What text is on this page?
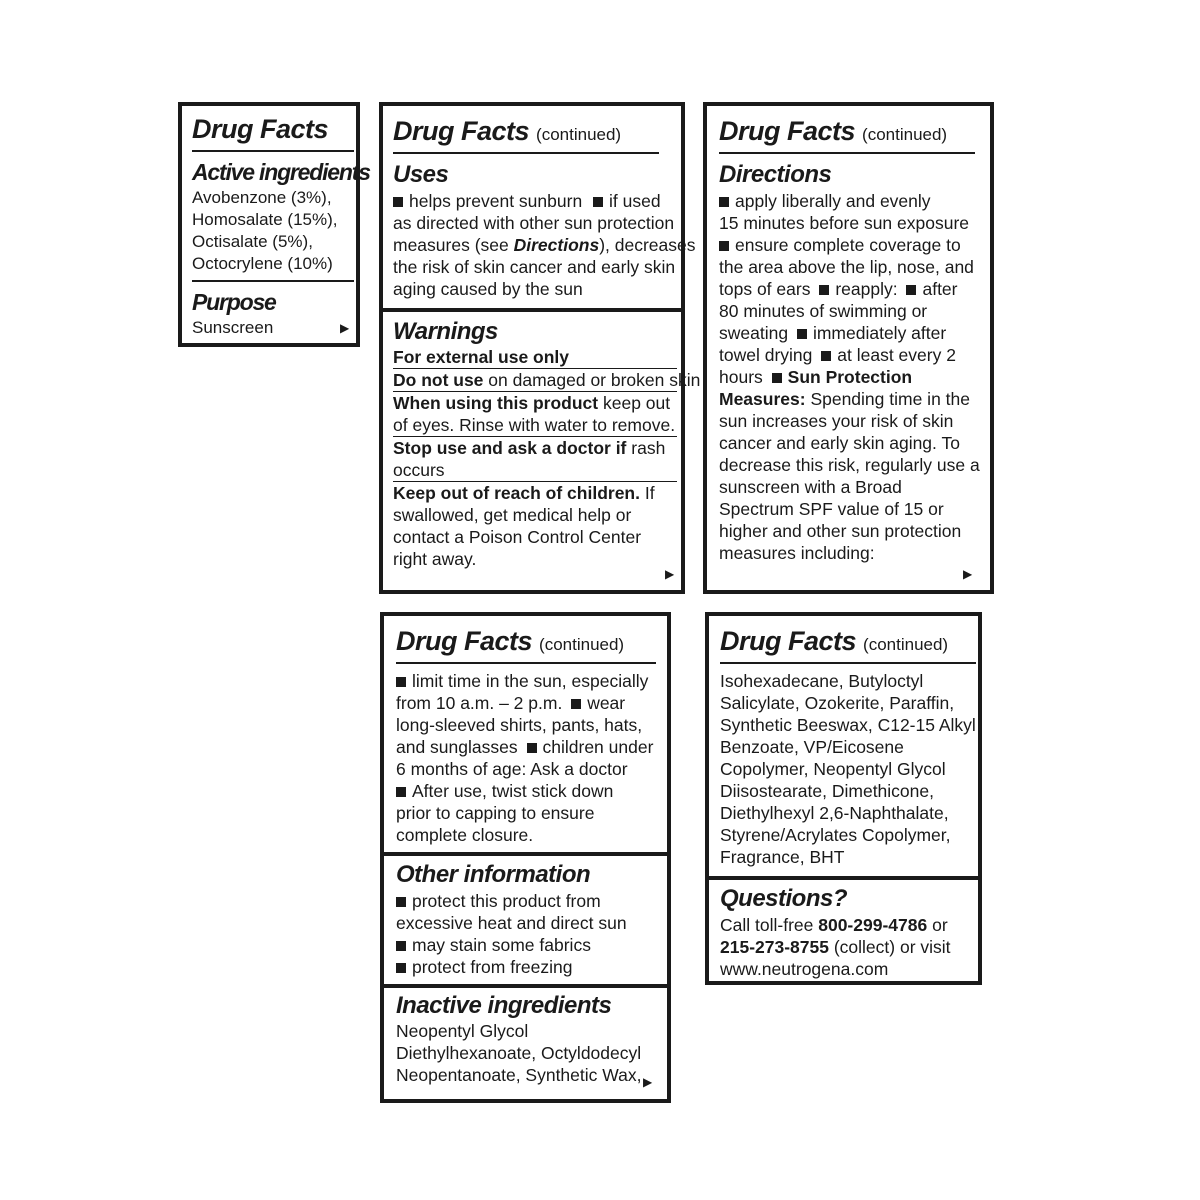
Drug Facts
Active ingredients
Avobenzone (3%),
Homosalate (15%),
Octisalate (5%),
Octocrylene (10%)
Purpose
Sunscreen	▶
Drug Facts (continued)
Uses
helps prevent sunburn if used
as directed with other sun protection
measures (see Directions), decreases
the risk of skin cancer and early skin
aging caused by the sun
Warnings
For external use only
Do not use on damaged or broken skin
When using this product keep out
of eyes. Rinse with water to remove.
Stop use and ask a doctor if rash
occurs
Keep out of reach of children. If
swallowed, get medical help or
contact a Poison Control Center
right away.
▶
Drug Facts (continued)
Directions
apply liberally and evenly
15 minutes before sun exposure
ensure complete coverage to
the area above the lip, nose, and
tops of ears reapply: after
80 minutes of swimming or
sweating immediately after
towel drying at least every 2
hours Sun Protection
Measures: Spending time in the
sun increases your risk of skin
cancer and early skin aging. To
decrease this risk, regularly use a
sunscreen with a Broad
Spectrum SPF value of 15 or
higher and other sun protection
measures including:
▶
Drug Facts (continued)
limit time in the sun, especially
from 10 a.m. – 2 p.m. wear
long-sleeved shirts, pants, hats,
and sunglasses children under
6 months of age: Ask a doctor
After use, twist stick down
prior to capping to ensure
complete closure.
Other information
protect this product from
excessive heat and direct sun
may stain some fabrics
protect from freezing
Inactive ingredients
Neopentyl Glycol
Diethylhexanoate, Octyldodecyl
Neopentanoate, Synthetic Wax, ▶
Drug Facts (continued)
Isohexadecane, Butyloctyl
Salicylate, Ozokerite, Paraffin,
Synthetic Beeswax, C12-15 Alkyl
Benzoate, VP/Eicosene
Copolymer, Neopentyl Glycol
Diisostearate, Dimethicone,
Diethylhexyl 2,6-Naphthalate,
Styrene/Acrylates Copolymer,
Fragrance, BHT
Questions?
Call toll-free 800-299-4786 or
215-273-8755 (collect) or visit
www.neutrogena.com
